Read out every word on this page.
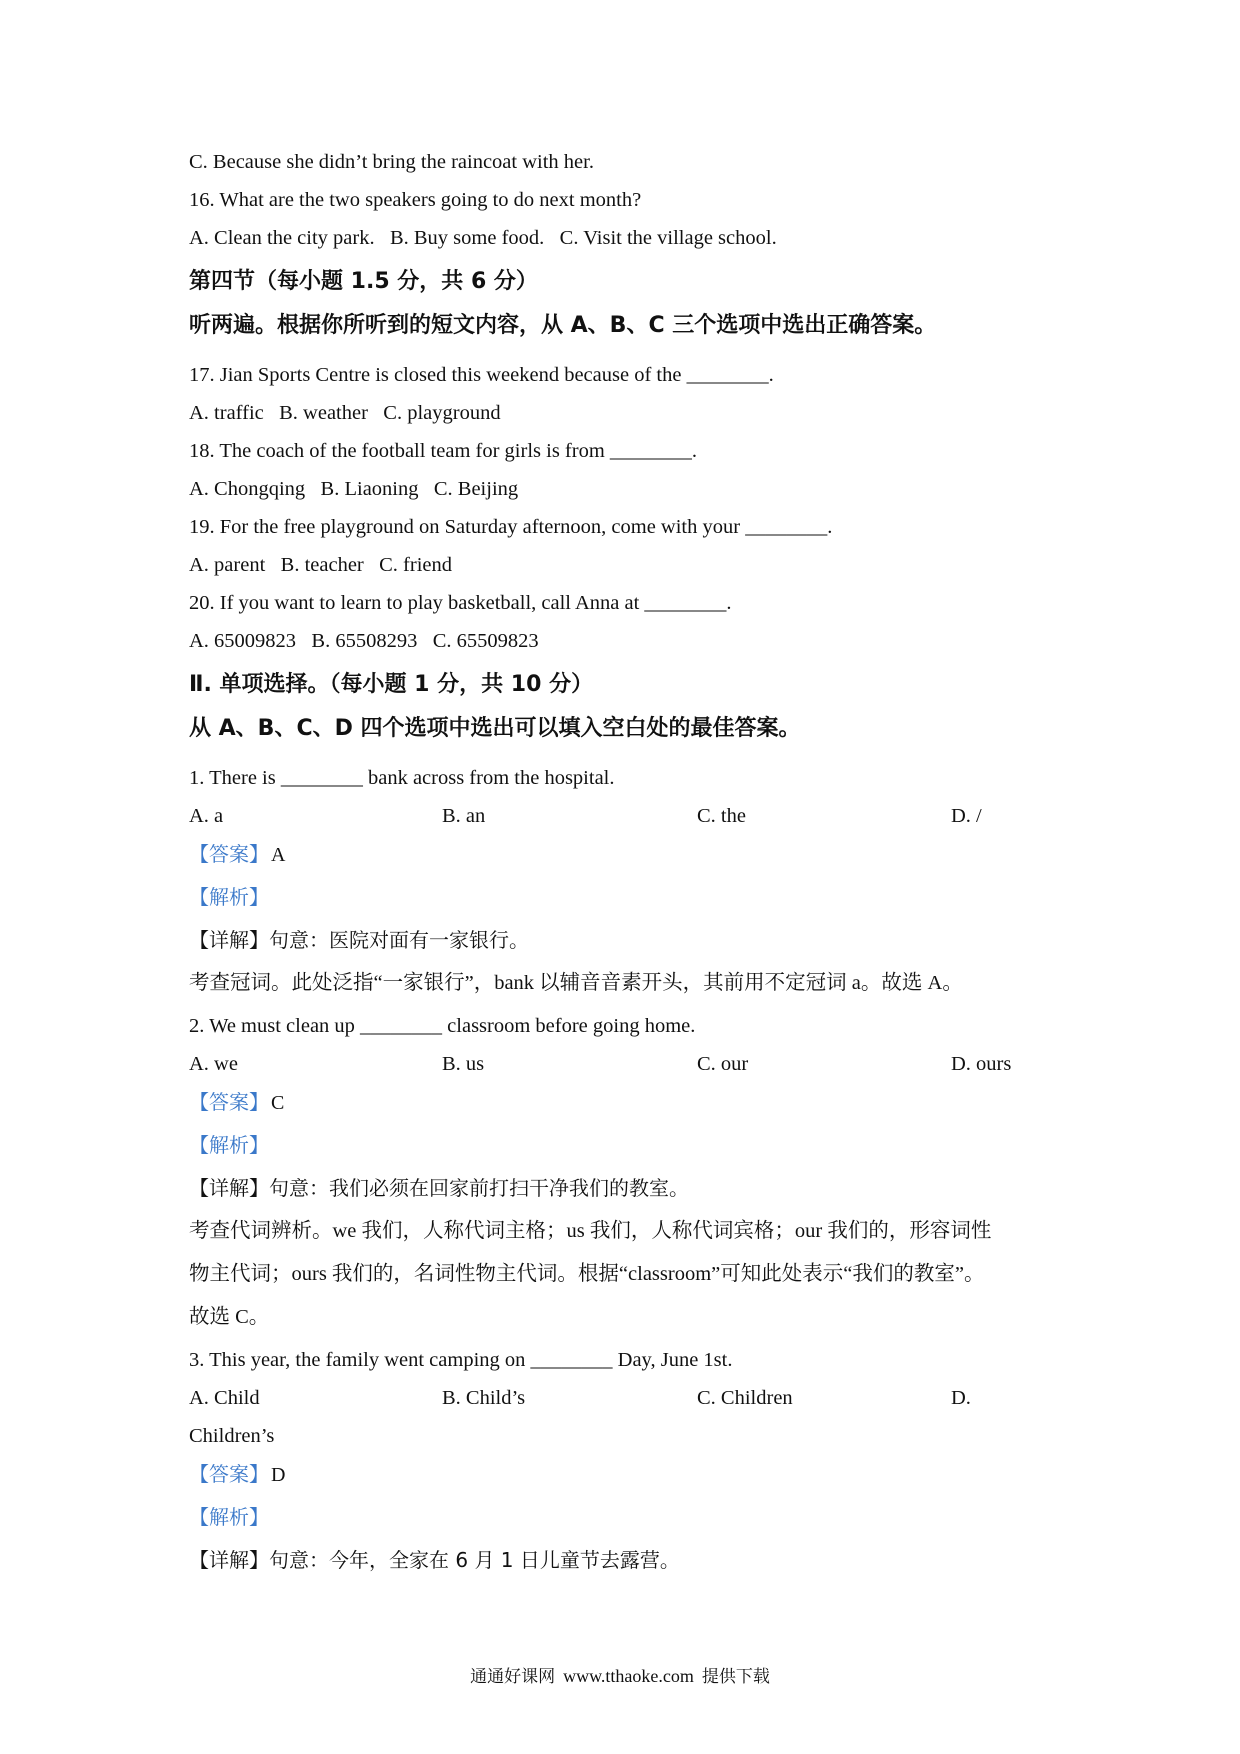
C. Because she didn’t bring the raincoat with her.
16. What are the two speakers going to do next month?
A. Clean the city park.   B. Buy some food.   C. Visit the village school.
第四节（每小题 1.5 分，共 6 分）
听两遍。根据你所听到的短文内容，从 A、B、C 三个选项中选出正确答案。
17. Jian Sports Centre is closed this weekend because of the ________.
A. traffic   B. weather   C. playground
18. The coach of the football team for girls is from ________.
A. Chongqing   B. Liaoning   C. Beijing
19. For the free playground on Saturday afternoon, come with your ________.
A. parent   B. teacher   C. friend
20. If you want to learn to play basketball, call Anna at ________.
A. 65009823   B. 65508293   C. 65509823
Ⅱ. 单项选择。（每小题 1 分，共 10 分）
从 A、B、C、D 四个选项中选出可以填入空白处的最佳答案。
1. There is ________ bank across from the hospital.
A. a	B. an	C. the	D. /
【答案】 A
【解析】
【详解】句意：医院对面有一家银行。
考查冠词。此处泛指“一家银行”，bank 以辅音音素开头，其前用不定冠词 a。故选 A。
2. We must clean up ________ classroom before going home.
A. we	B. us	C. our	D. ours
【答案】 C
【解析】
【详解】句意：我们必须在回家前打扫干净我们的教室。
考查代词辨析。we 我们，人称代词主格；us 我们，人称代词宾格；our 我们的，形容词性
物主代词；ours 我们的，名词性物主代词。根据“classroom”可知此处表示“我们的教室”。
故选 C。
3. This year, the family went camping on ________ Day, June 1st.
A. Child	B. Child’s	C. Children	D.
Children’s
【答案】 D
【解析】
【详解】句意：今年，全家在 6 月 1 日儿童节去露营。
通通好课网 www.tthaoke.com 提供下载
